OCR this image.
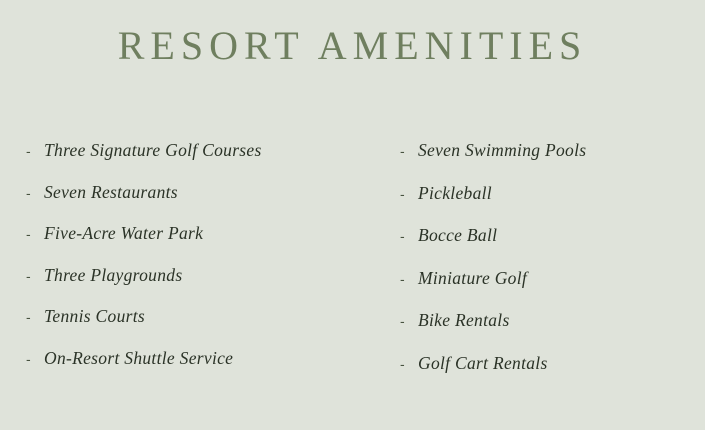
RESORT AMENITIES
- Three Signature Golf Courses
- Seven Restaurants
- Five-Acre Water Park
- Three Playgrounds
- Tennis Courts
- On-Resort Shuttle Service
- Seven Swimming Pools
- Pickleball
- Bocce Ball
- Miniature Golf
- Bike Rentals
- Golf Cart Rentals
